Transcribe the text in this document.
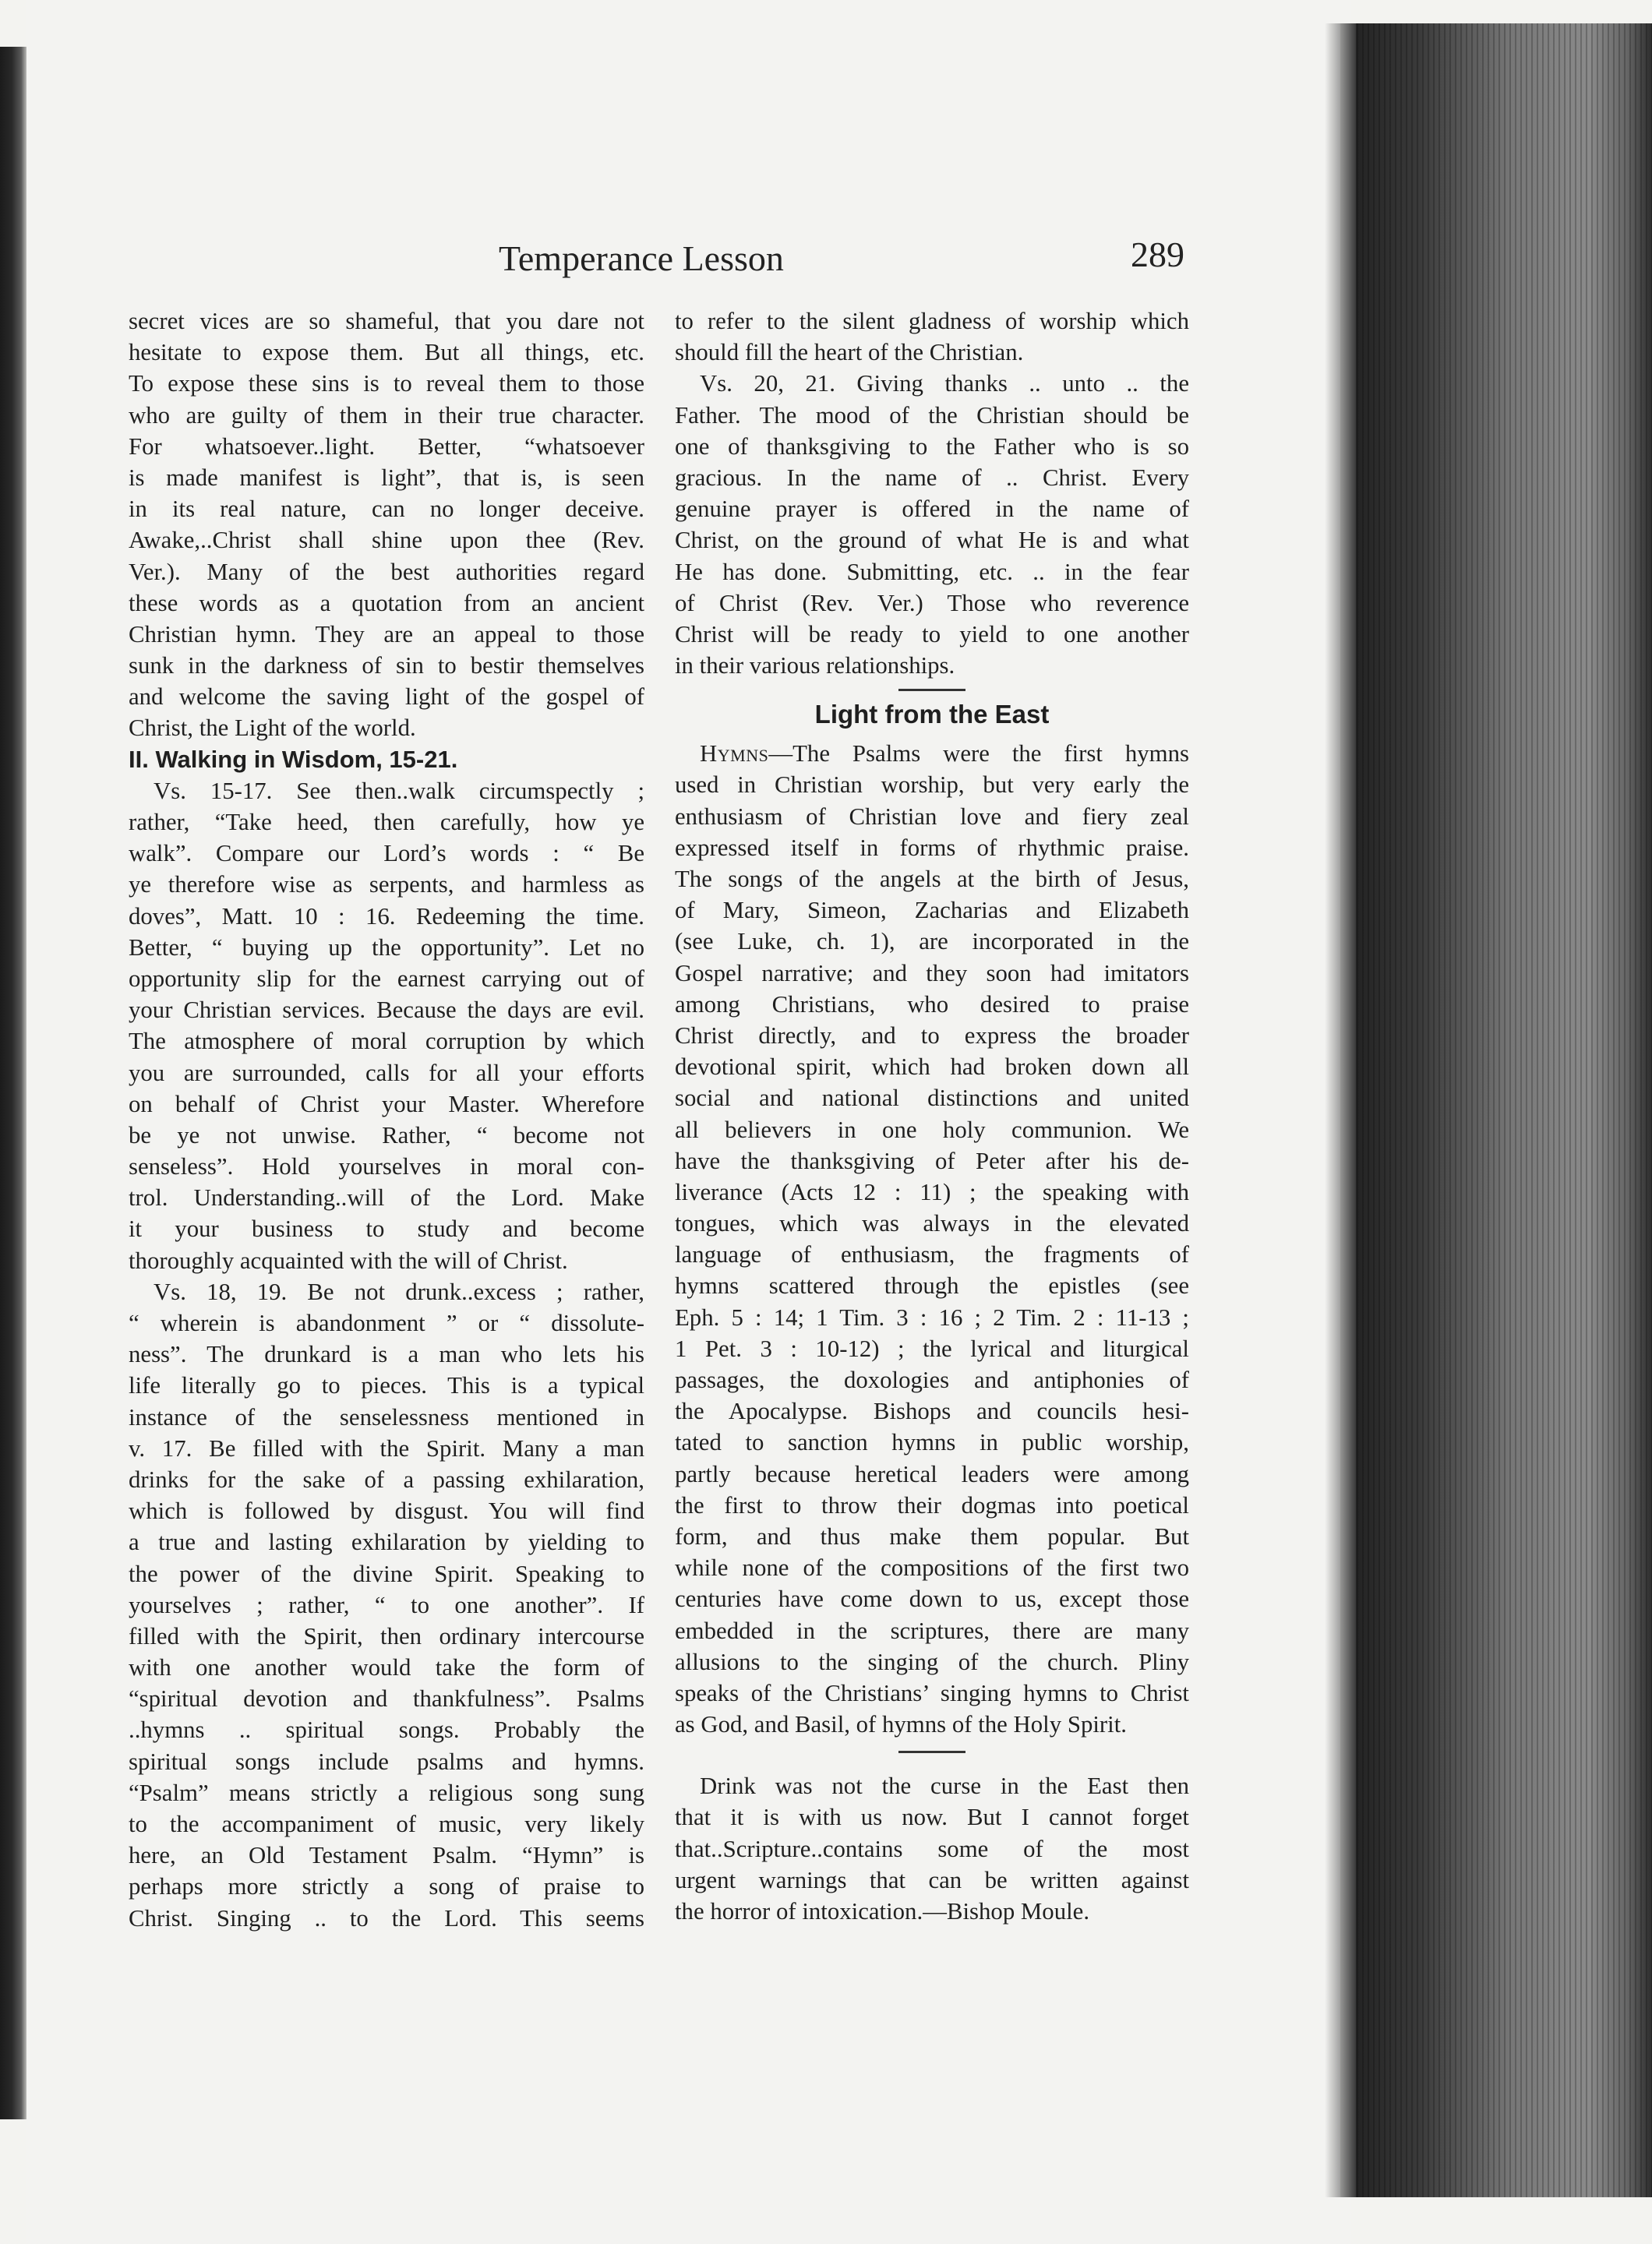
Temperance Lesson	289
secret vices are so shameful, that you dare not
hesitate to expose them. But all things, etc.
To expose these sins is to reveal them to those
who are guilty of them in their true character.
For whatsoever..light. Better, “whatsoever
is made manifest is light”, that is, is seen
in its real nature, can no longer deceive.
Awake,..Christ shall shine upon thee (Rev.
Ver.). Many of the best authorities regard
these words as a quotation from an ancient
Christian hymn. They are an appeal to those
sunk in the darkness of sin to bestir themselves
and welcome the saving light of the gospel of
Christ, the Light of the world.
II. Walking in Wisdom, 15-21.
Vs. 15-17. See then..walk circumspectly ;
rather, “Take heed, then carefully, how ye
walk”. Compare our Lord’s words : “ Be
ye therefore wise as serpents, and harmless as
doves”, Matt. 10 : 16. Redeeming the time.
Better, “ buying up the opportunity”. Let no
opportunity slip for the earnest carrying out of
your Christian services. Because the days are evil.
The atmosphere of moral corruption by which
you are surrounded, calls for all your efforts
on behalf of Christ your Master. Wherefore
be ye not unwise. Rather, “ become not
senseless”. Hold yourselves in moral con-
trol. Understanding..will of the Lord. Make
it your business to study and become
thoroughly acquainted with the will of Christ.
Vs. 18, 19. Be not drunk..excess ; rather,
“ wherein is abandonment ” or “ dissolute-
ness”. The drunkard is a man who lets his
life literally go to pieces. This is a typical
instance of the senselessness mentioned in
v. 17. Be filled with the Spirit. Many a man
drinks for the sake of a passing exhilaration,
which is followed by disgust. You will find
a true and lasting exhilaration by yielding to
the power of the divine Spirit. Speaking to
yourselves ; rather, “ to one another”. If
filled with the Spirit, then ordinary intercourse
with one another would take the form of
“spiritual devotion and thankfulness”. Psalms
..hymns .. spiritual songs. Probably the
spiritual songs include psalms and hymns.
“Psalm” means strictly a religious song sung
to the accompaniment of music, very likely
here, an Old Testament Psalm. “Hymn” is
perhaps more strictly a song of praise to
Christ. Singing .. to the Lord. This seems
to refer to the silent gladness of worship which
should fill the heart of the Christian.
Vs. 20, 21. Giving thanks .. unto .. the
Father. The mood of the Christian should be
one of thanksgiving to the Father who is so
gracious. In the name of .. Christ. Every
genuine prayer is offered in the name of
Christ, on the ground of what He is and what
He has done. Submitting, etc. .. in the fear
of Christ (Rev. Ver.) Those who reverence
Christ will be ready to yield to one another
in their various relationships.
Light from the East
Hymns—The Psalms were the first hymns
used in Christian worship, but very early the
enthusiasm of Christian love and fiery zeal
expressed itself in forms of rhythmic praise.
The songs of the angels at the birth of Jesus,
of Mary, Simeon, Zacharias and Elizabeth
(see Luke, ch. 1), are incorporated in the
Gospel narrative; and they soon had imitators
among Christians, who desired to praise
Christ directly, and to express the broader
devotional spirit, which had broken down all
social and national distinctions and united
all believers in one holy communion. We
have the thanksgiving of Peter after his de-
liverance (Acts 12 : 11) ; the speaking with
tongues, which was always in the elevated
language of enthusiasm, the fragments of
hymns scattered through the epistles (see
Eph. 5 : 14; 1 Tim. 3 : 16 ; 2 Tim. 2 : 11-13 ;
1 Pet. 3 : 10-12) ; the lyrical and liturgical
passages, the doxologies and antiphonies of
the Apocalypse. Bishops and councils hesi-
tated to sanction hymns in public worship,
partly because heretical leaders were among
the first to throw their dogmas into poetical
form, and thus make them popular. But
while none of the compositions of the first two
centuries have come down to us, except those
embedded in the scriptures, there are many
allusions to the singing of the church. Pliny
speaks of the Christians’ singing hymns to Christ
as God, and Basil, of hymns of the Holy Spirit.
Drink was not the curse in the East then
that it is with us now. But I cannot forget
that..Scripture..contains some of the most
urgent warnings that can be written against
the horror of intoxication.—Bishop Moule.
